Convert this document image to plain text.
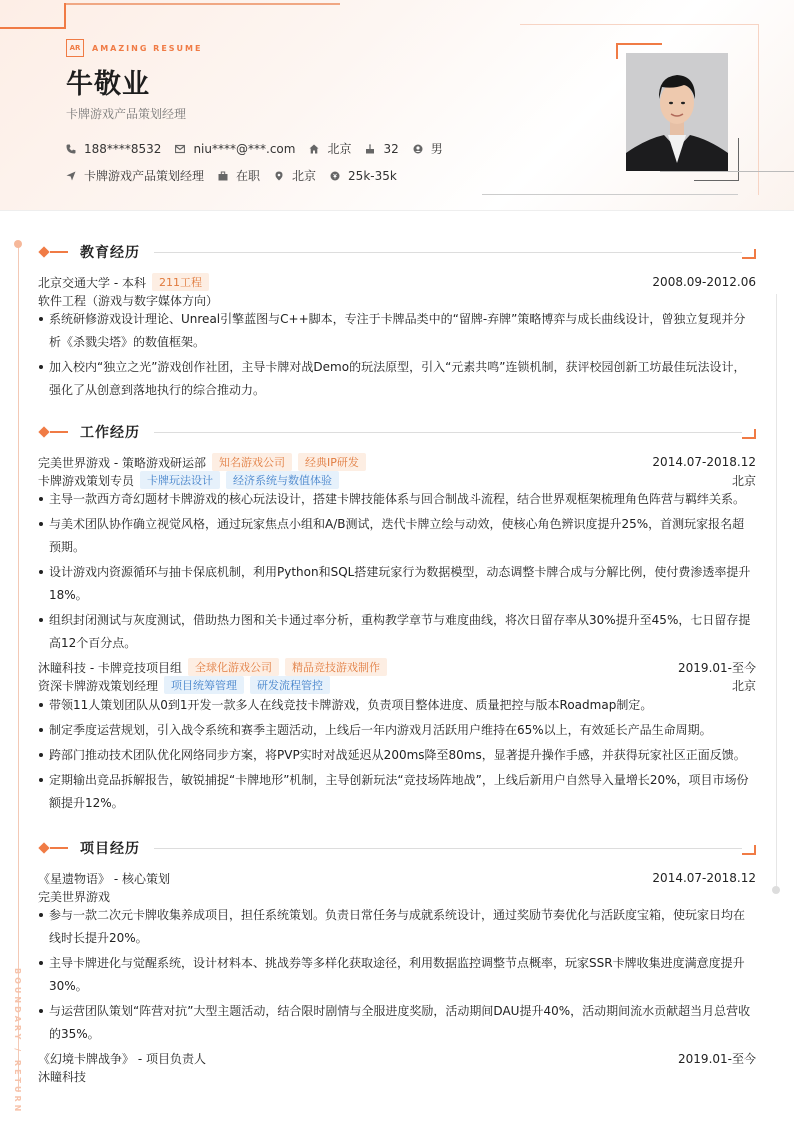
AR	AMAZING RESUME
牛敬业
卡牌游戏产品策划经理
188****8532	niu****@***.com	北京	32	男
卡牌游戏产品策划经理	在职	北京	25k-35k
BOUNDARY / RETURN
教育经历
北京交通大学 - 本科	211工程	2008.09-2012.06
软件工程（游戏与数字媒体方向）
系统研修游戏设计理论、Unreal引擎蓝图与C++脚本，专注于卡牌品类中的“留牌-弃牌”策略博弈与成长曲线设计，曾独立复现并分析《杀戮尖塔》的数值框架。
加入校内“独立之光”游戏创作社团，主导卡牌对战Demo的玩法原型，引入“元素共鸣”连锁机制，获评校园创新工坊最佳玩法设计，强化了从创意到落地执行的综合推动力。
工作经历
完美世界游戏 - 策略游戏研运部	知名游戏公司	经典IP研发	2014.07-2018.12
卡牌游戏策划专员	卡牌玩法设计	经济系统与数值体验	北京
主导一款西方奇幻题材卡牌游戏的核心玩法设计，搭建卡牌技能体系与回合制战斗流程，结合世界观框架梳理角色阵营与羁绊关系。
与美术团队协作确立视觉风格，通过玩家焦点小组和A/B测试，迭代卡牌立绘与动效，使核心角色辨识度提升25%，首测玩家报名超预期。
设计游戏内资源循环与抽卡保底机制，利用Python和SQL搭建玩家行为数据模型，动态调整卡牌合成与分解比例，使付费渗透率提升18%。
组织封闭测试与灰度测试，借助热力图和关卡通过率分析，重构教学章节与难度曲线，将次日留存率从30%提升至45%，七日留存提高12个百分点。
沐瞳科技 - 卡牌竞技项目组	全球化游戏公司	精品竞技游戏制作	2019.01-至今
资深卡牌游戏策划经理	项目统筹管理	研发流程管控	北京
带领11人策划团队从0到1开发一款多人在线竞技卡牌游戏，负责项目整体进度、质量把控与版本Roadmap制定。
制定季度运营规划，引入战令系统和赛季主题活动，上线后一年内游戏月活跃用户维持在65%以上，有效延长产品生命周期。
跨部门推动技术团队优化网络同步方案，将PVP实时对战延迟从200ms降至80ms，显著提升操作手感，并获得玩家社区正面反馈。
定期输出竞品拆解报告，敏锐捕捉“卡牌地形”机制，主导创新玩法“竞技场阵地战”，上线后新用户自然导入量增长20%，项目市场份额提升12%。
项目经历
《星遗物语》 - 核心策划	2014.07-2018.12
完美世界游戏
参与一款二次元卡牌收集养成项目，担任系统策划。负责日常任务与成就系统设计，通过奖励节奏优化与活跃度宝箱，使玩家日均在线时长提升20%。
主导卡牌进化与觉醒系统，设计材料本、挑战券等多样化获取途径，利用数据监控调整节点概率，玩家SSR卡牌收集进度满意度提升30%。
与运营团队策划“阵营对抗”大型主题活动，结合限时剧情与全服进度奖励，活动期间DAU提升40%，活动期间流水贡献超当月总营收的35%。
《幻境卡牌战争》 - 项目负责人	2019.01-至今
沐瞳科技
